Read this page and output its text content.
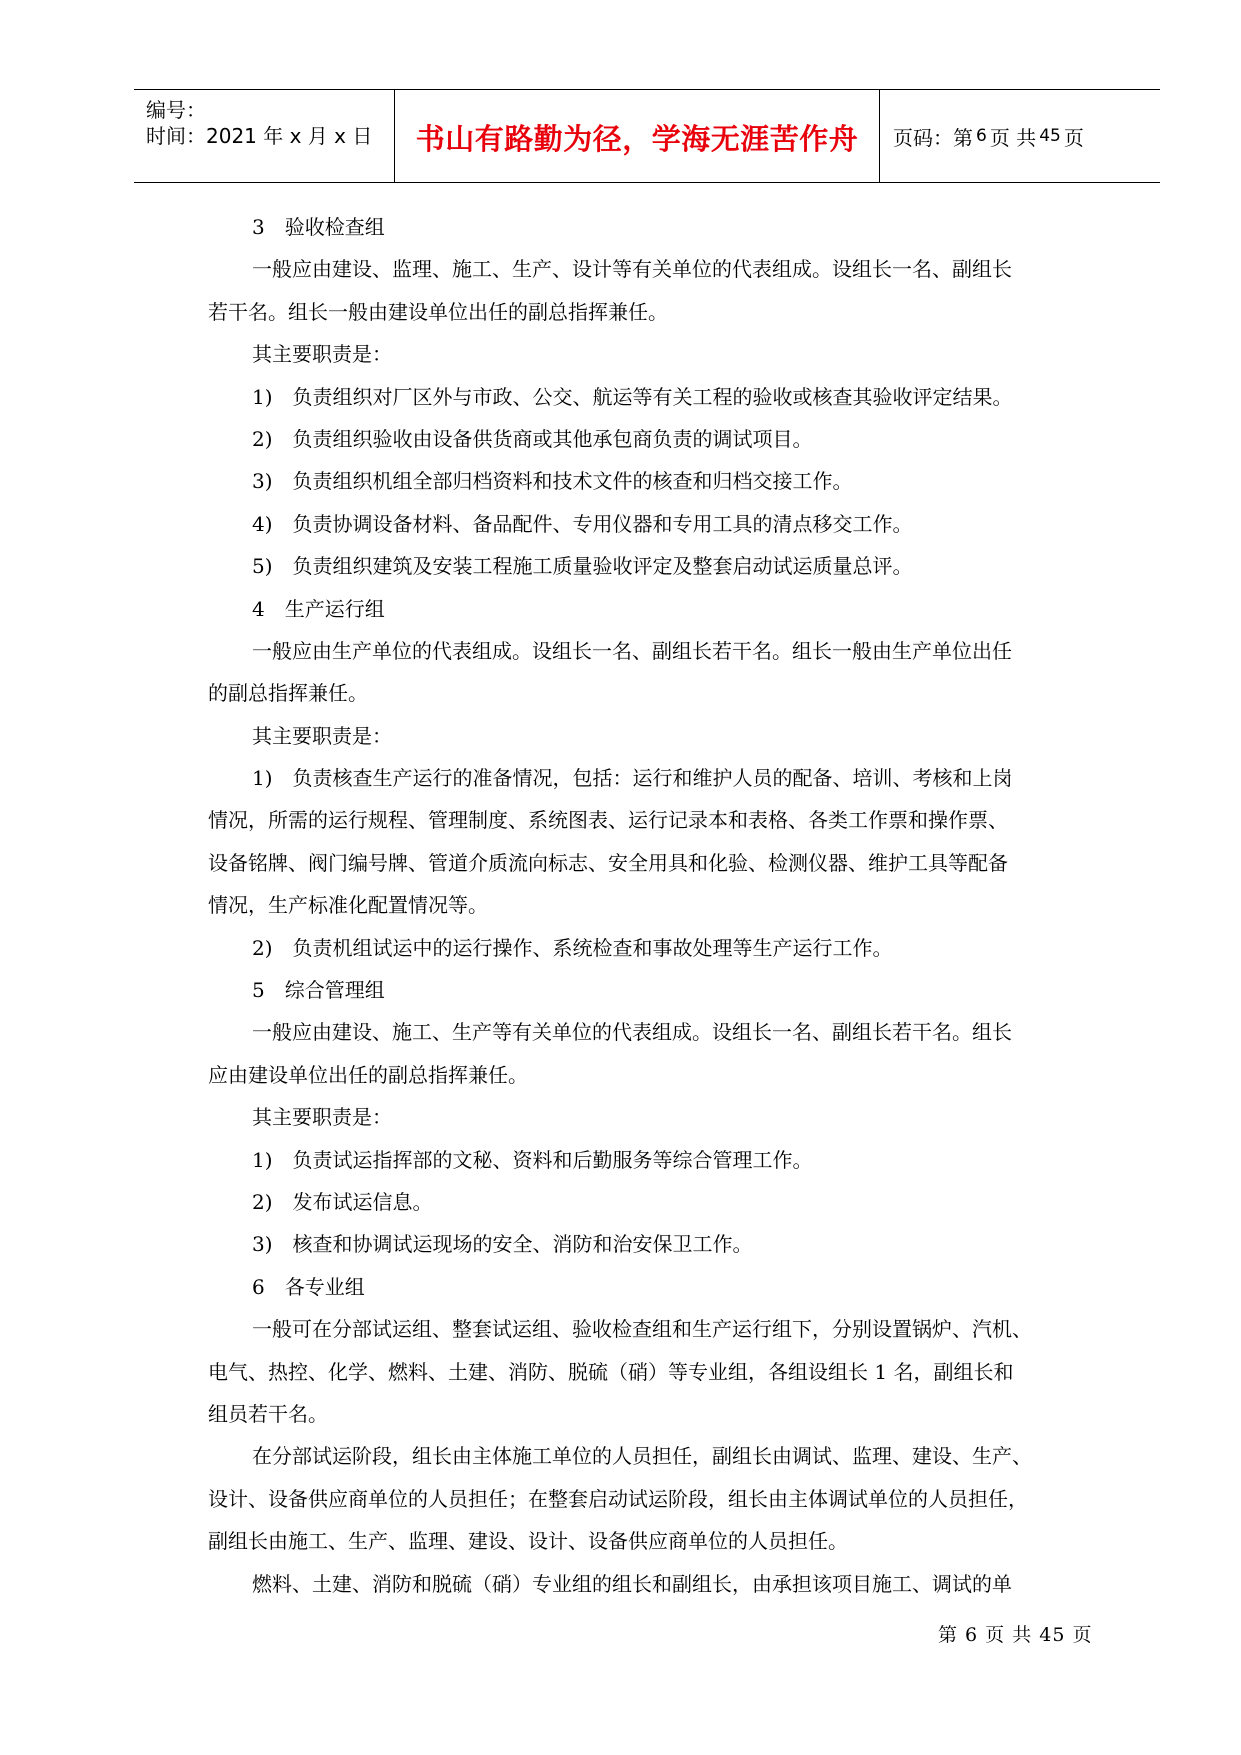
编号：
时间：2021 年 x 月 x 日 书山有路勤为径，学海无涯苦作舟 页码：第 6 页 共 45 页
3　验收检查组
一般应由建设、监理、施工、生产、设计等有关单位的代表组成。设组长一名、副组长
若干名。组长一般由建设单位出任的副总指挥兼任。
其主要职责是：
1)　负责组织对厂区外与市政、公交、航运等有关工程的验收或核查其验收评定结果。
2)　负责组织验收由设备供货商或其他承包商负责的调试项目。
3)　负责组织机组全部归档资料和技术文件的核查和归档交接工作。
4)　负责协调设备材料、备品配件、专用仪器和专用工具的清点移交工作。
5)　负责组织建筑及安装工程施工质量验收评定及整套启动试运质量总评。
4　生产运行组
一般应由生产单位的代表组成。设组长一名、副组长若干名。组长一般由生产单位出任
的副总指挥兼任。
其主要职责是：
1)　负责核查生产运行的准备情况，包括：运行和维护人员的配备、培训、考核和上岗
情况，所需的运行规程、管理制度、系统图表、运行记录本和表格、各类工作票和操作票、
设备铭牌、阀门编号牌、管道介质流向标志、安全用具和化验、检测仪器、维护工具等配备
情况，生产标准化配置情况等。
2)　负责机组试运中的运行操作、系统检查和事故处理等生产运行工作。
5　综合管理组
一般应由建设、施工、生产等有关单位的代表组成。设组长一名、副组长若干名。组长
应由建设单位出任的副总指挥兼任。
其主要职责是：
1)　负责试运指挥部的文秘、资料和后勤服务等综合管理工作。
2)　发布试运信息。
3)　核查和协调试运现场的安全、消防和治安保卫工作。
6　各专业组
一般可在分部试运组、整套试运组、验收检查组和生产运行组下，分别设置锅炉、汽机、
电气、热控、化学、燃料、土建、消防、脱硫（硝）等专业组，各组设组长 1 名，副组长和
组员若干名。
在分部试运阶段，组长由主体施工单位的人员担任，副组长由调试、监理、建设、生产、
设计、设备供应商单位的人员担任；在整套启动试运阶段，组长由主体调试单位的人员担任，
副组长由施工、生产、监理、建设、设计、设备供应商单位的人员担任。
燃料、土建、消防和脱硫（硝）专业组的组长和副组长，由承担该项目施工、调试的单
第 6 页 共 45 页
